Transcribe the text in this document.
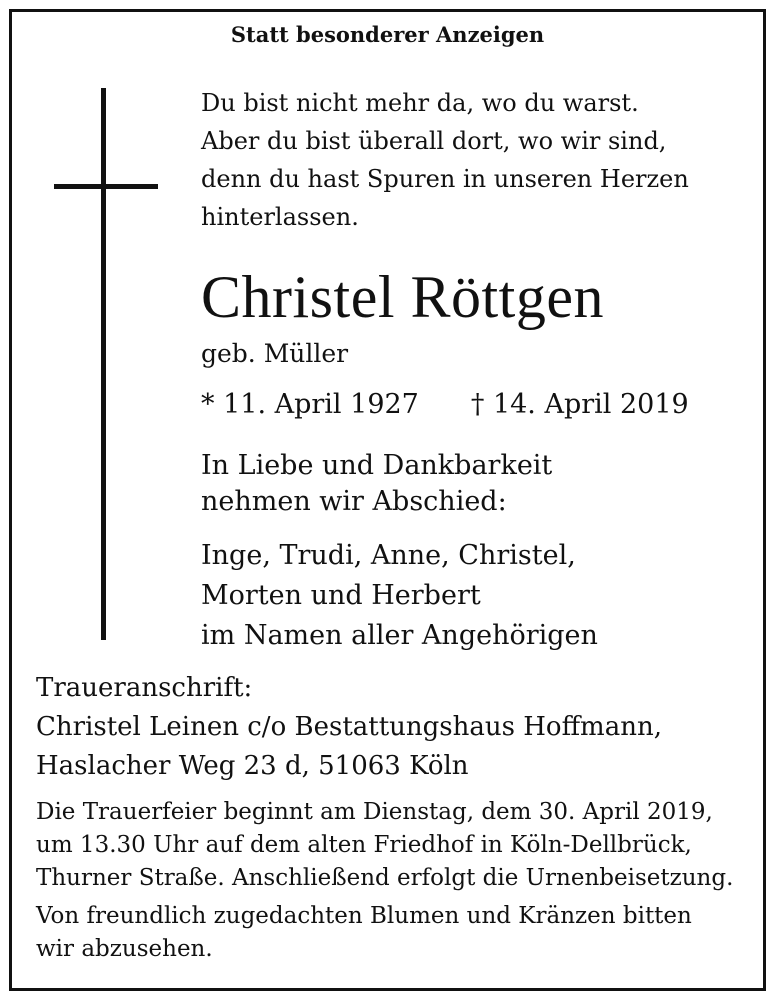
Statt besonderer Anzeigen
Du bist nicht mehr da, wo du warst.
Aber du bist überall dort, wo wir sind,
denn du hast Spuren in unseren Herzen
hinterlassen.
Christel Röttgen
geb. Müller
* 11. April 1927 † 14. April 2019
In Liebe und Dankbarkeit
nehmen wir Abschied:
Inge, Trudi, Anne, Christel,
Morten und Herbert
im Namen aller Angehörigen
Traueranschrift:
Christel Leinen c/o Bestattungshaus Hoffmann,
Haslacher Weg 23 d, 51063 Köln
Die Trauerfeier beginnt am Dienstag, dem 30. April 2019,
um 13.30 Uhr auf dem alten Friedhof in Köln-Dellbrück,
Thurner Straße. Anschließend erfolgt die Urnenbeisetzung.
Von freundlich zugedachten Blumen und Kränzen bitten
wir abzusehen.
